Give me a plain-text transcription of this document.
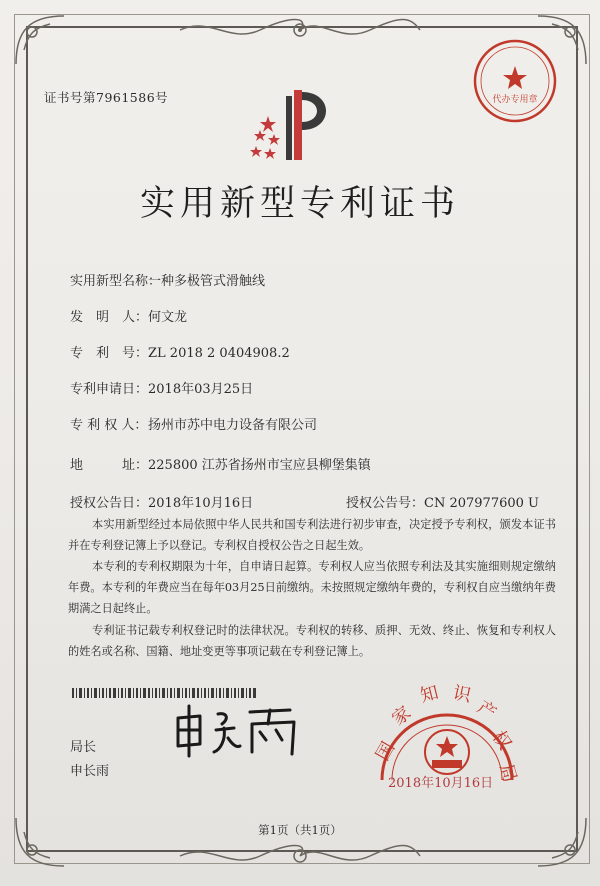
证书号第7961586号
实用新型专利证书
实用新型名称：一种多极管式滑触线
发　明　人：何文龙
专　利　号：ZL 2018 2 0404908.2
专利申请日：2018年03月25日
专 利 权 人：扬州市苏中电力设备有限公司
地　　　址：225800 江苏省扬州市宝应县柳堡集镇
授权公告日：2018年10月16日	授权公告号：CN 207977600 U
本实用新型经过本局依照中华人民共和国专利法进行初步审查，决定授予专利权，颁发本证书并在专利登记簿上予以登记。专利权自授权公告之日起生效。
本专利的专利权期限为十年，自申请日起算。专利权人应当依照专利法及其实施细则规定缴纳年费。本专利的年费应当在每年03月25日前缴纳。未按照规定缴纳年费的，专利权自应当缴纳年费期满之日起终止。
专利证书记载专利权登记时的法律状况。专利权的转移、质押、无效、终止、恢复和专利权人的姓名或名称、国籍、地址变更等事项记载在专利登记簿上。
局长
申长雨
国
家
知 识
产
权
局
2018年10月16日
代办专用章
第1页（共1页）
